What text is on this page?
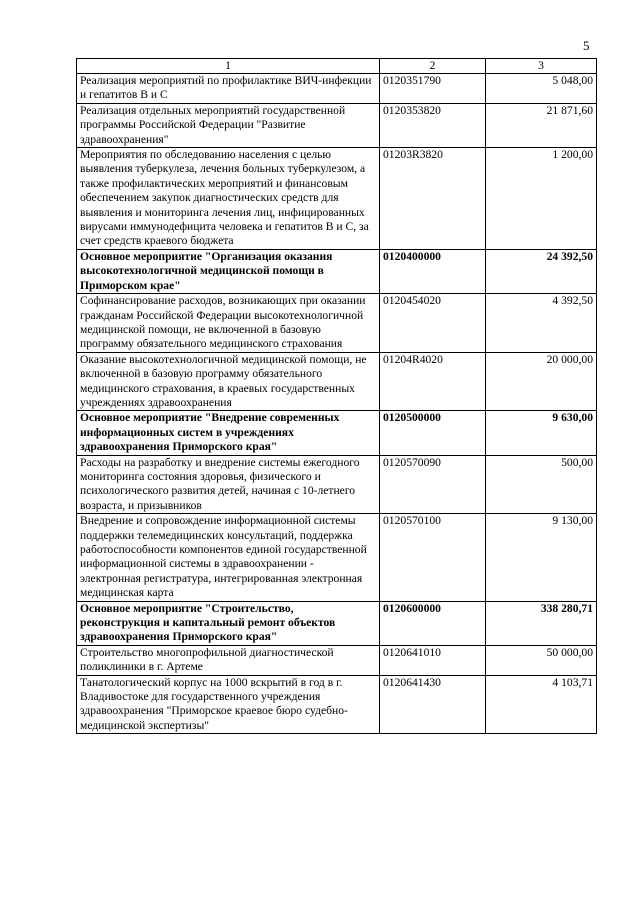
5
1	2	3
Реализация мероприятий по профилактике ВИЧ-инфекции и гепатитов В и С	0120351790	5 048,00
Реализация отдельных мероприятий государственной программы Российской Федерации "Развитие здравоохранения"	0120353820	21 871,60
Мероприятия по обследованию населения с целью выявления туберкулеза, лечения больных туберкулезом, а также профилактических мероприятий и финансовым обеспечением закупок диагностических средств для выявления и мониторинга лечения лиц, инфицированных вирусами иммунодефицита человека и гепатитов В и С, за счет средств краевого бюджета	01203R3820	1 200,00
Основное мероприятие "Организация оказания высокотехнологичной медицинской помощи в Приморском крае"	0120400000	24 392,50
Софинансирование расходов, возникающих при оказании гражданам Российской Федерации высокотехнологичной медицинской помощи, не включенной в базовую программу обязательного медицинского страхования	0120454020	4 392,50
Оказание высокотехнологичной медицинской помощи, не включенной в базовую программу обязательного медицинского страхования, в краевых государственных учреждениях здравоохранения	01204R4020	20 000,00
Основное мероприятие "Внедрение современных информационных систем в учреждениях здравоохранения Приморского края"	0120500000	9 630,00
Расходы на разработку и внедрение системы ежегодного мониторинга состояния здоровья, физического и психологического развития детей, начиная с 10-летнего возраста, и призывников	0120570090	500,00
Внедрение и сопровождение информационной системы поддержки телемедицинских консультаций, поддержка работоспособности компонентов единой государственной информационной системы в здравоохранении - электронная регистратура, интегрированная электронная медицинская карта	0120570100	9 130,00
Основное мероприятие "Строительство, реконструкция и капитальный ремонт объектов здравоохранения Приморского края"	0120600000	338 280,71
Строительство многопрофильной диагностической поликлиники в г. Артеме	0120641010	50 000,00
Танатологический корпус на 1000 вскрытий в год в г. Владивостоке для государственного учреждения здравоохранения "Приморское краевое бюро судебно-медицинской экспертизы"	0120641430	4 103,71
